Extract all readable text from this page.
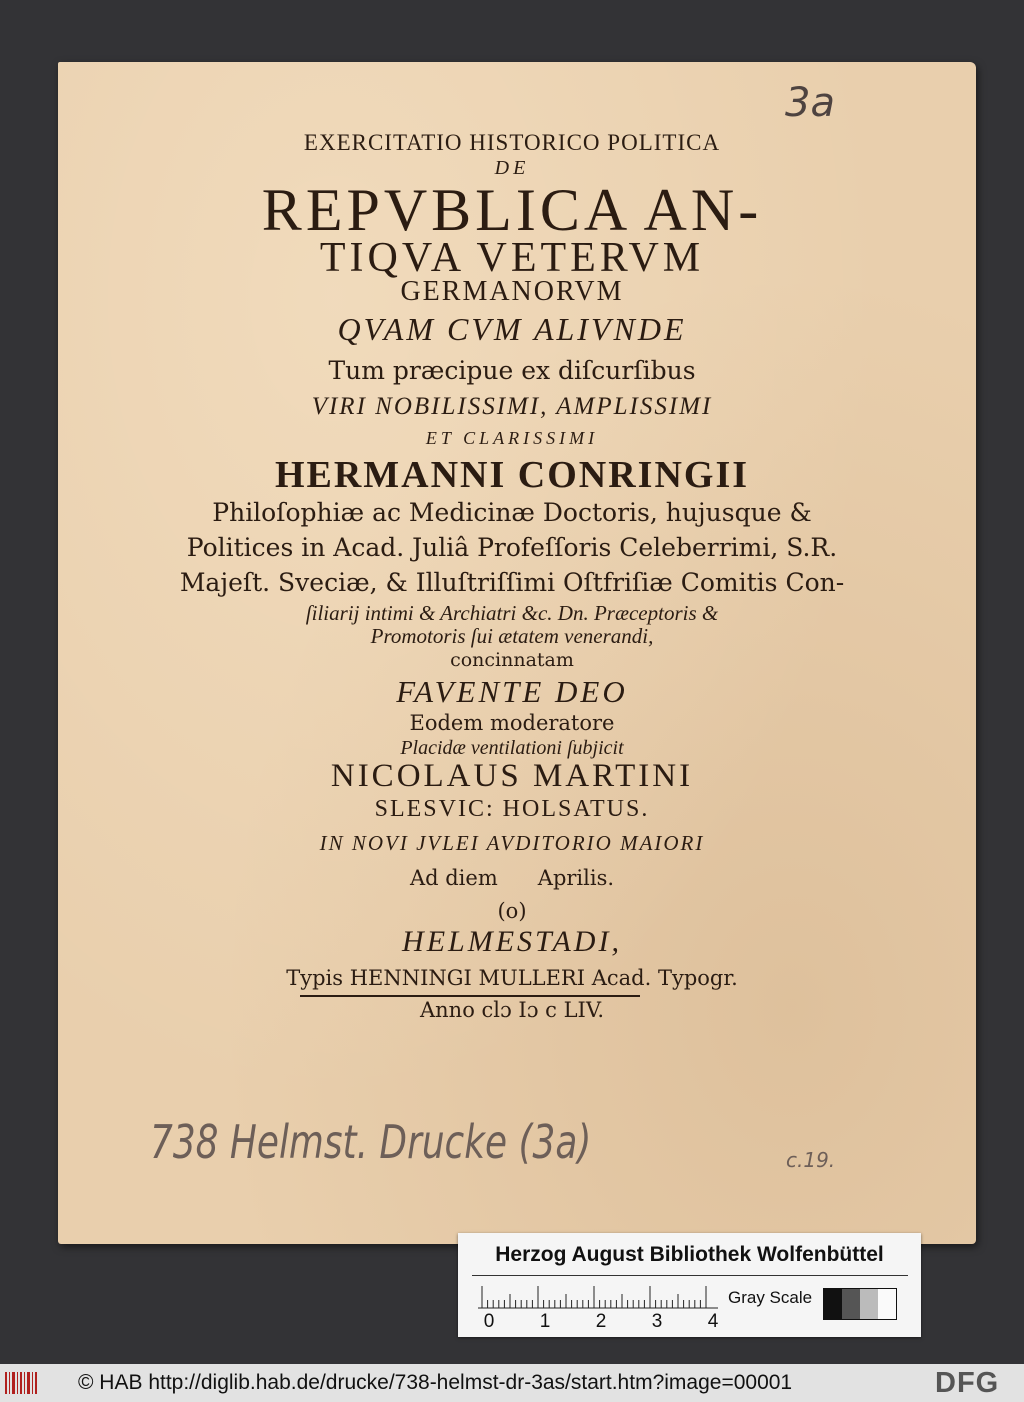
EXERCITATIO HISTORICO POLITICA
DE
REPVBLICA AN-
TIQVA VETERVM
GERMANORVM
QVAM CVM ALIVNDE
Tum præcipue ex diſcurſibus
VIRI NOBILISSIMI, AMPLISSIMI
ET CLARISSIMI
HERMANNI CONRINGII
Philoſophiæ ac Medicinæ Doctoris, hujusque &
Politices in Acad. Juliâ Profeſſoris Celeberrimi, S.R.
Majeſt. Sveciæ, & Illuſtriſſimi Oſtfriſiæ Comitis Con-
ſiliarij intimi & Archiatri &c. Dn. Præceptoris &
Promotoris ſui ætatem venerandi,
concinnatam
FAVENTE DEO
Eodem moderatore
Placidæ ventilationi ſubjicit
NICOLAUS MARTINI
SLESVIC: HOLSATUS.
IN NOVI JVLEI AVDITORIO MAIORI
Ad diem      Aprilis.
(o)
HELMESTADI,
Typis HENNINGI MULLERI Acad. Typogr.
Anno clɔ Iɔ c LIV.
3a
738 Helmst. Drucke (3a)	c.19.
Herzog August Bibliothek Wolfenbüttel
0 1 2 3 4
Gray Scale
© HAB http://diglib.hab.de/drucke/738-helmst-dr-3as/start.htm?image=00001	DFG
